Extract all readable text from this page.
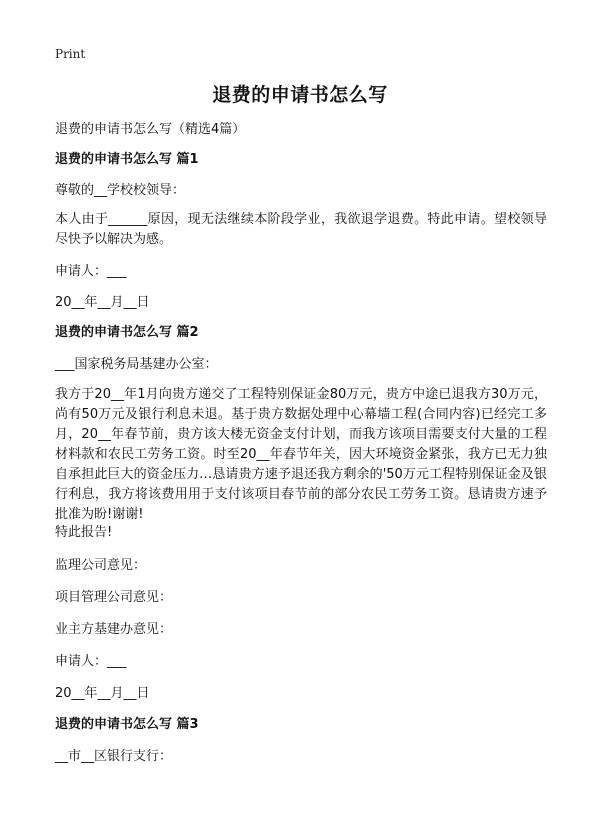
Print
退费的申请书怎么写
退费的申请书怎么写（精选4篇）
退费的申请书怎么写 篇1
尊敬的__学校校领导：
本人由于______原因，现无法继续本阶段学业，我欲退学退费。特此申请。望校领导尽快予以解决为感。
申请人：___
20__年__月__日
退费的申请书怎么写 篇2
___国家税务局基建办公室：
我方于20__年1月向贵方递交了工程特别保证金80万元，贵方中途已退我方30万元，尚有50万元及银行利息未退。基于贵方数据处理中心幕墙工程(合同内容)已经完工多月，20__年春节前，贵方该大楼无资金支付计划，而我方该项目需要支付大量的工程材料款和农民工劳务工资。时至20__年春节年关，因大环境资金紧张，我方已无力独自承担此巨大的资金压力…恳请贵方速予退还我方剩余的'50万元工程特别保证金及银行利息，我方将该费用用于支付该项目春节前的部分农民工劳务工资。恳请贵方速予批准为盼!谢谢!
特此报告!
监理公司意见：
项目管理公司意见：
业主方基建办意见：
申请人：___
20__年__月__日
退费的申请书怎么写 篇3
__市__区银行支行：
